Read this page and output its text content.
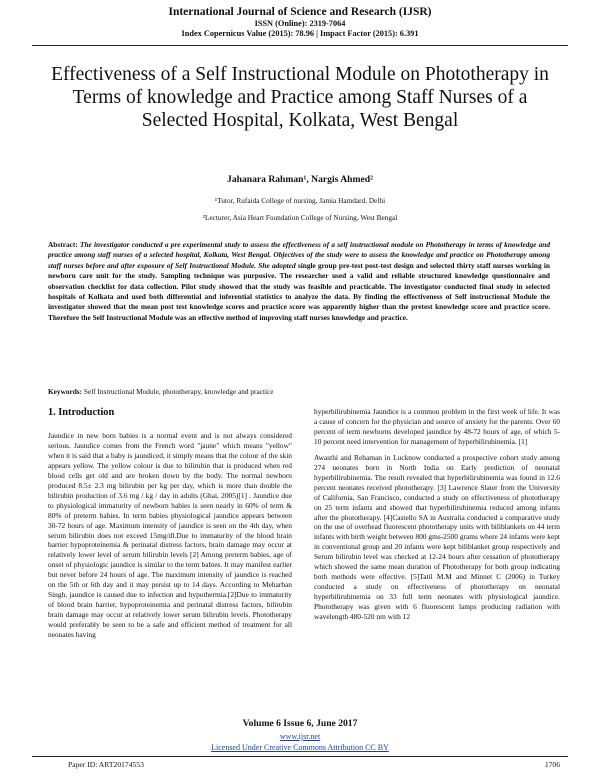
International Journal of Science and Research (IJSR)
ISSN (Online): 2319-7064
Index Copernicus Value (2015): 78.96 | Impact Factor (2015): 6.391
Effectiveness of a Self Instructional Module on Phototherapy in Terms of knowledge and Practice among Staff Nurses of a Selected Hospital, Kolkata, West Bengal
Jahanara Rahman¹, Nargis Ahmed²
¹Tutor, Rufaida College of nursing, Jamia Hamdard, Delhi
²Lecturer, Asia Heart Foundation College of Nursing, West Bengal
Abstract: The investigator conducted a pre experimental study to assess the effectiveness of a self instructional module on Phototherapy in terms of knowledge and practice among staff nurses of a selected hospital, Kolkata, West Bengal. Objectives of the study were to assess the knowledge and practice on Phototherapy among staff nurses before and after exposure of Self Instructional Module. She adopted single group pre-test post-test design and selected thirty staff nurses working in newborn care unit for the study. Sampling technique was purposive. The researcher used a valid and reliable structured knowledge questionnaire and observation checklist for data collection. Pilot study showed that the study was feasible and practicable. The investigator conducted final study in selected hospitals of Kolkata and used both differential and inferential statistics to analyze the data. By finding the effectiveness of Self instructional Module the investigator showed that the mean post test knowledge scores and practice score was apparently higher than the pretest knowledge score and practice score. Therefore the Self Instructional Module was an effective method of improving staff nurses knowledge and practice.
Keywords: Self Instructional Module, phototherapy, knowledge and practice
1. Introduction

Jaundice in new born babies is a normal event and is not always considered serious. Jaundice comes from the French word "jaune" which means "yellow" when it is said that a baby is jaundiced, it simply means that the colour of the skin appears yellow. The yellow colour is due to bilirubin that is produced when red blood cells get old and are broken down by the body. The normal newborn produced 8.5± 2.3 mg bilirubin per kg per day, which is more than double the bilirubin production of 3.6 mg / kg / day in adults (Ghai, 2005)[1] . Jaundice due to physiological immaturity of newborn babies is seen nearly in 60% of term & 80% of preterm babies. In term babies physiological jaundice appears between 30-72 hours of age. Maximum intensity of jaundice is seen on the 4th day, when serum bilirubin does not exceed 15mg/dl.Due to immaturity of the blood brain barrier hypoproteinemia & perinatal distress factors, brain damage may occur at relatively lower level of serum bilirubin levels [2] Among preterm babies, age of onset of physiologic jaundice is similar to the term babies. It may manifest earlier but never before 24 hours of age. The maximum intensity of jaundice is reached on the 5th or 6th day and it may persist up to 14 days. According to Meharban Singh, jaundice is caused due to infection and hypothermia.[2]Due to immaturity of blood brain barrier, hypoproteinemia and perinatal distress factors, bilirubin brain damage may occur at relatively lower serum bilirubin levels. Phototherapy would preferably be seen to be a safe and efficient method of treatment for all neonates having

hyperbilirubinemia Jaundice is a common problem in the first week of life. It was a cause of concern for the physician and source of anxiety for the parents. Over 60 percent of term newborns developed jaundice by 48-72 hours of age, of which 5-10 percent need intervention for management of hyperbilirubinemia. [1]

Awasthi and Rehaman in Lucknow conducted a prospective cohort study among 274 neonates born in North India on Early prediction of neonatal hyperbilirubinemia. The result revealed that hyperbilirubinemia was found in 12.6 percent neonates received phototherapy. [3] Lawrence Slater from the University of California, San Francisco, conducted a study on effectiveness of phototherapy on 25 term infants and showed that hyperbilirubinemia reduced among infants after the phototherapy. [4]Castello SA in Australia conducted a comparative study on the use of overhead fluorescent phototherapy units with biliblankets on 44 term infants with birth weight between 800 gms-2500 grams where 24 infants were kept in conventional group and 20 infants were kept biliblanket group respectively and Serum bilirubin level was checked at 12-24 hours after cessation of phototherapy which showed the same mean duration of Phototherapy for both group indicating both methods were effective. [5]Tatil M.M and Minnet C (2006) in Turkey conducted a study on effectiveness of phototherapy on neonatal hyperbilirubinemia on 33 full term neonates with physiological jaundice. Phototherapy was given with 6 fluorescent lamps producing radiation with wavelength 480-520 nm with 12

Volume 6 Issue 6, June 2017
www.ijsr.net
Licensed Under Creative Commons Attribution CC BY
Paper ID: ART20174553	1706
